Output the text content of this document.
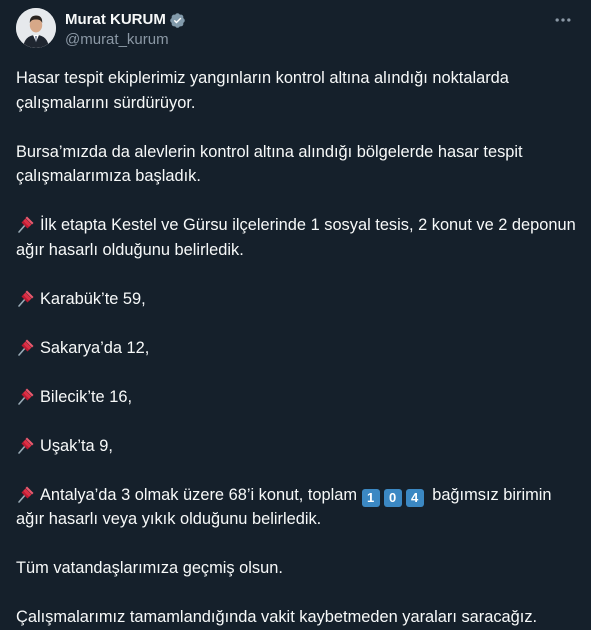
Murat KURUM
@murat_kurum

Hasar tespit ekiplerimiz yangınların kontrol altına alındığı noktalarda çalışmalarını sürdürüyor.

Bursa’mızda da alevlerin kontrol altına alındığı bölgelerde hasar tespit çalışmalarımıza başladık.

İlk etapta Kestel ve Gürsu ilçelerinde 1 sosyal tesis, 2 konut ve 2 deponun ağır hasarlı olduğunu belirledik.

Karabük’te 59,

Sakarya’da 12,

Bilecik’te 16,

Uşak’ta 9,

Antalya’da 3 olmak üzere 68’i konut, toplam 1 0 4 bağımsız birimin ağır hasarlı veya yıkık olduğunu belirledik.

Tüm vatandaşlarımıza geçmiş olsun.

Çalışmalarımız tamamlandığında vakit kaybetmeden yaraları saracağız.
